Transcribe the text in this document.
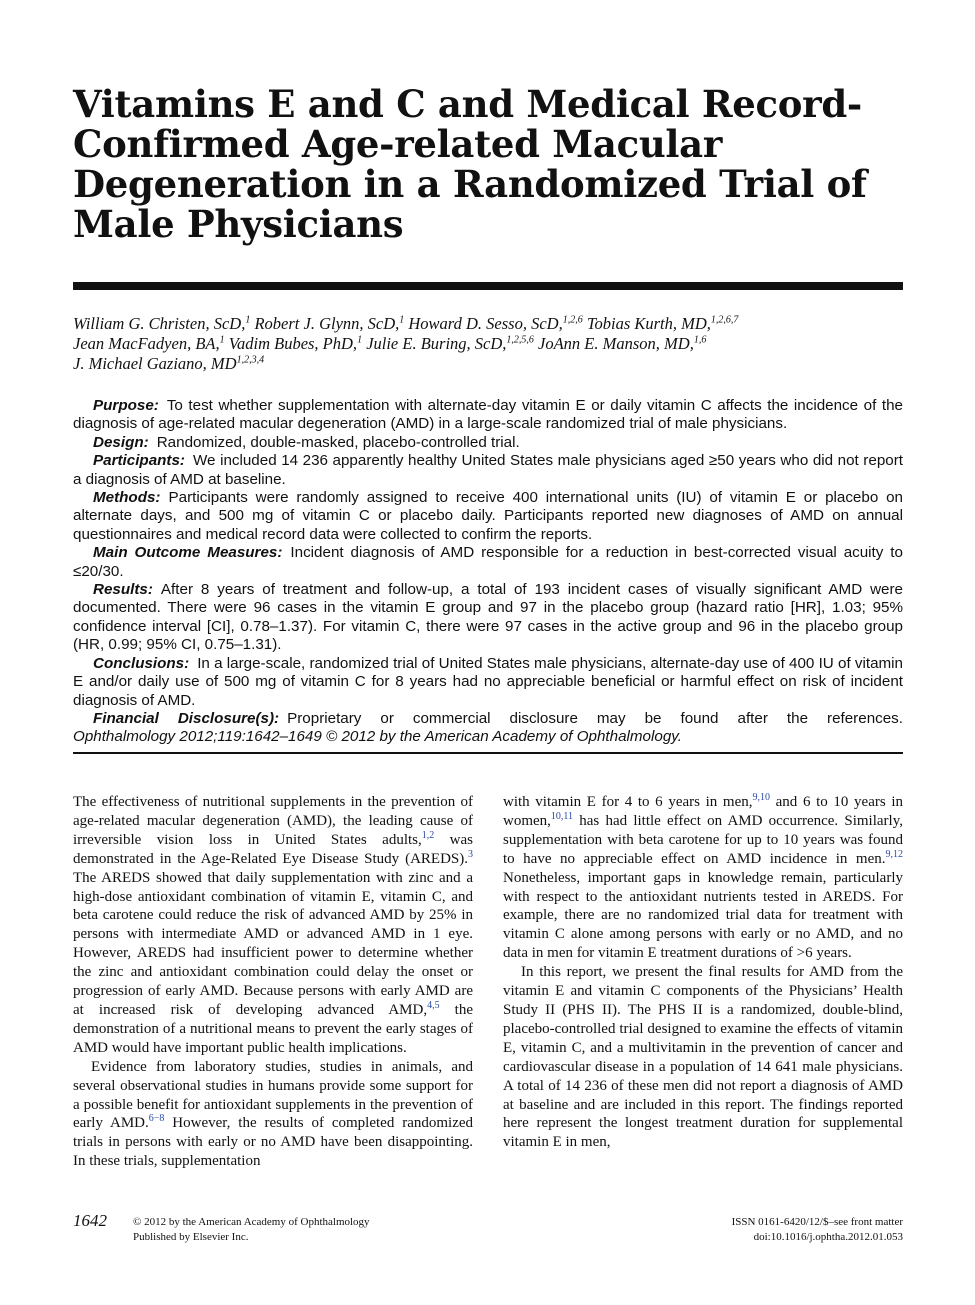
Vitamins E and C and Medical Record-Confirmed Age-related Macular Degeneration in a Randomized Trial of Male Physicians
William G. Christen, ScD,$^1$ Robert J. Glynn, ScD,$^1$ Howard D. Sesso, ScD,$^{1,2,6}$ Tobias Kurth, MD,$^{1,2,6,7}$
Jean MacFadyen, BA,$^1$ Vadim Bubes, PhD,$^1$ Julie E. Buring, ScD,$^{1,2,5,6}$ JoAnn E. Manson, MD,$^{1,6}$
J. Michael Gaziano, MD$^{1,2,3,4}$

Purpose: To test whether supplementation with alternate-day vitamin E or daily vitamin C affects the incidence of the diagnosis of age-related macular degeneration (AMD) in a large-scale randomized trial of male physicians.

Design: Randomized, double-masked, placebo-controlled trial.

Participants: We included 14 236 apparently healthy United States male physicians aged ≥50 years who did not report a diagnosis of AMD at baseline.

Methods: Participants were randomly assigned to receive 400 international units (IU) of vitamin E or placebo on alternate days, and 500 mg of vitamin C or placebo daily. Participants reported new diagnoses of AMD on annual questionnaires and medical record data were collected to confirm the reports.

Main Outcome Measures: Incident diagnosis of AMD responsible for a reduction in best-corrected visual acuity to ≤20/30.

Results: After 8 years of treatment and follow-up, a total of 193 incident cases of visually significant AMD were documented. There were 96 cases in the vitamin E group and 97 in the placebo group (hazard ratio [HR], 1.03; 95% confidence interval [CI], 0.78–1.37). For vitamin C, there were 97 cases in the active group and 96 in the placebo group (HR, 0.99; 95% CI, 0.75–1.31).

Conclusions: In a large-scale, randomized trial of United States male physicians, alternate-day use of 400 IU of vitamin E and/or daily use of 500 mg of vitamin C for 8 years had no appreciable beneficial or harmful effect on risk of incident diagnosis of AMD.

Financial Disclosure(s): Proprietary or commercial disclosure may be found after the references.

Ophthalmology 2012;119:1642–1649 © 2012 by the American Academy of Ophthalmology.

The effectiveness of nutritional supplements in the prevention of age-related macular degeneration (AMD), the leading cause of irreversible vision loss in United States adults,$^{1,2}$ was demonstrated in the Age-Related Eye Disease Study (AREDS).$^3$ The AREDS showed that daily supplementation with zinc and a high-dose antioxidant combination of vitamin E, vitamin C, and beta carotene could reduce the risk of advanced AMD by 25% in persons with intermediate AMD or advanced AMD in 1 eye. However, AREDS had insufficient power to determine whether the zinc and antioxidant combination could delay the onset or progression of early AMD. Because persons with early AMD are at increased risk of developing advanced AMD,$^{4,5}$ the demonstration of a nutritional means to prevent the early stages of AMD would have important public health implications.

Evidence from laboratory studies, studies in animals, and several observational studies in humans provide some support for a possible benefit for antioxidant supplements in the prevention of early AMD.$^{6-8}$ However, the results of completed randomized trials in persons with early or no AMD have been disappointing. In these trials, supplementation

with vitamin E for 4 to 6 years in men,$^{9,10}$ and 6 to 10 years in women,$^{10,11}$ has had little effect on AMD occurrence. Similarly, supplementation with beta carotene for up to 10 years was found to have no appreciable effect on AMD incidence in men.$^{9,12}$ Nonetheless, important gaps in knowledge remain, particularly with respect to the antioxidant nutrients tested in AREDS. For example, there are no randomized trial data for treatment with vitamin C alone among persons with early or no AMD, and no data in men for vitamin E treatment durations of >6 years.

In this report, we present the final results for AMD from the vitamin E and vitamin C components of the Physicians’ Health Study II (PHS II). The PHS II is a randomized, double-blind, placebo-controlled trial designed to examine the effects of vitamin E, vitamin C, and a multivitamin in the prevention of cancer and cardiovascular disease in a population of 14 641 male physicians. A total of 14 236 of these men did not report a diagnosis of AMD at baseline and are included in this report. The findings reported here represent the longest treatment duration for supplemental vitamin E in men,

1642 © 2012 by the American Academy of Ophthalmology
Published by Elsevier Inc.
ISSN 0161-6420/12/$–see front matter
doi:10.1016/j.ophtha.2012.01.053
